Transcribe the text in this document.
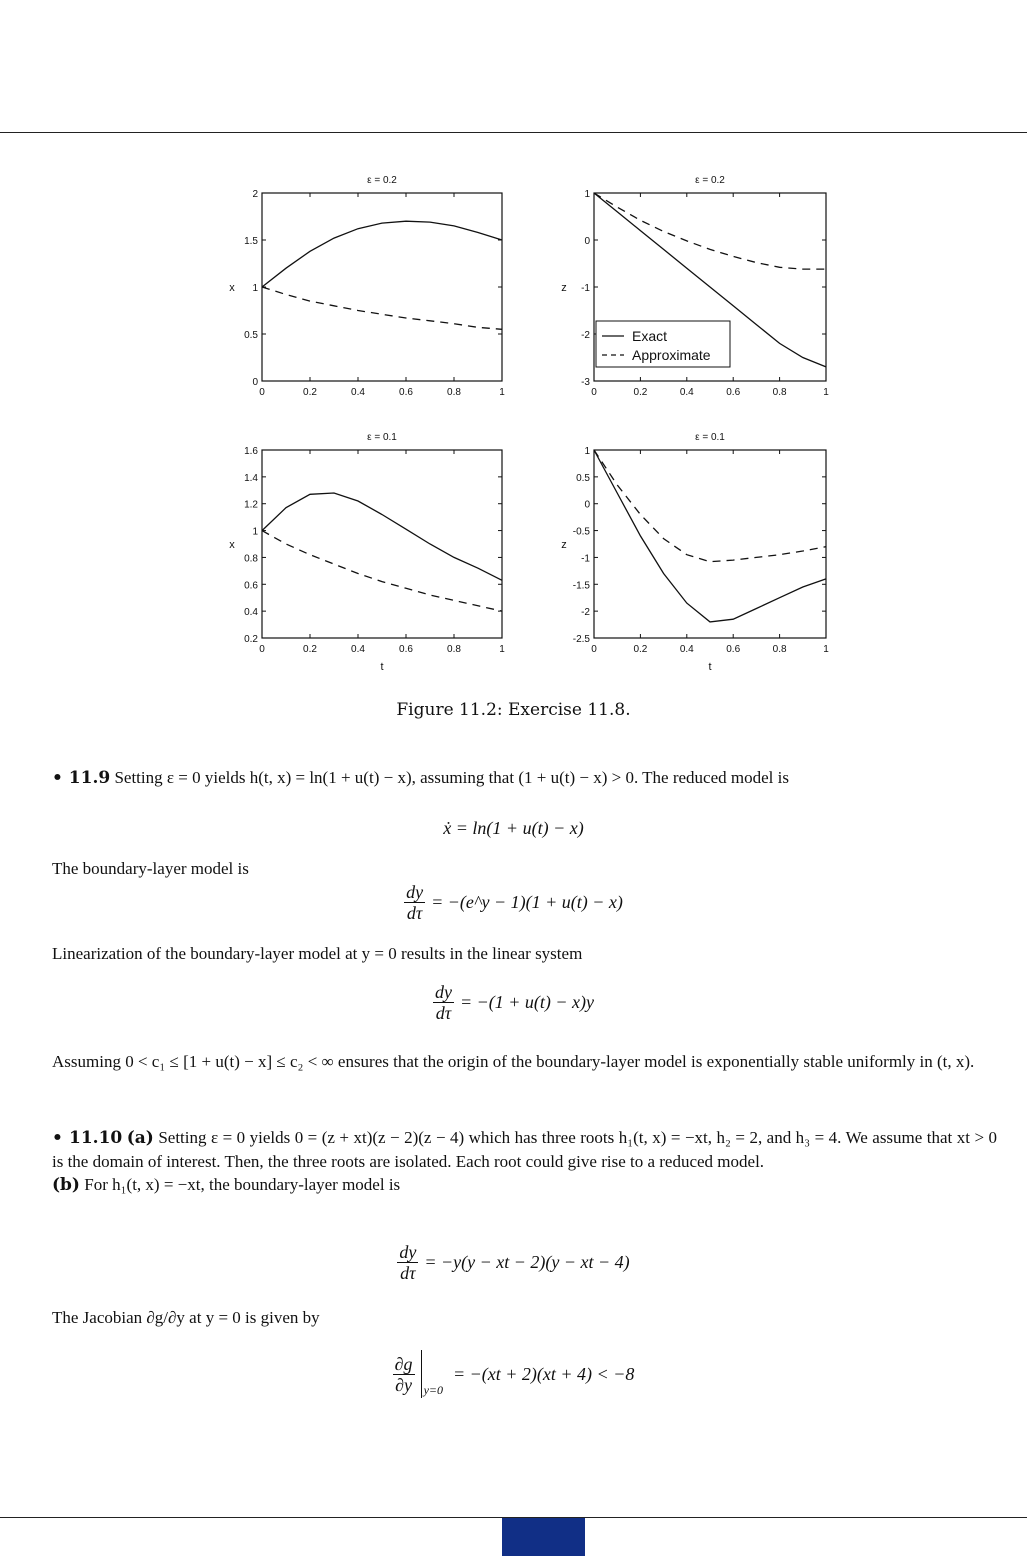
ε = 0.2
0
0.5
1
1.5
2
0	0.2	0.4	0.6	0.8	1
x
ε = 0.2
-3
-2
-1
0
1
0	0.2	0.4	0.6	0.8	1
z
Exact
Approximate
ε = 0.1
0.2
0.4
0.6
0.8
1
1.2
1.4
1.6
0	0.2	0.4	0.6	0.8	1
x
t
ε = 0.1
-2.5
-2
-1.5
-1
-0.5
0
0.5
1
0	0.2	0.4	0.6	0.8	1
z
t
Figure 11.2: Exercise 11.8.
• 11.9 Setting ε = 0 yields h(t, x) = ln(1 + u(t) − x), assuming that (1 + u(t) − x) > 0. The reduced model is
ẋ = ln(1 + u(t) − x)
The boundary-layer model is
$\frac{dy}{d\tau}$ = −(e^y − 1)(1 + u(t) − x)
Linearization of the boundary-layer model at y = 0 results in the linear system
$\frac{dy}{d\tau} = -(1 + u(t) - x)y$
Assuming 0 < c₁ ≤ [1 + u(t) − x] ≤ c₂ < ∞ ensures that the origin of the boundary-layer model is exponentially stable uniformly in (t, x).
• 11.10 (a) Setting ε = 0 yields 0 = (z + xt)(z − 2)(z − 4) which has three roots h₁(t, x) = −xt, h₂ = 2, and h₃ = 4. We assume that xt > 0 is the domain of interest. Then, the three roots are isolated. Each root could give rise to a reduced model.
(b) For h₁(t, x) = −xt, the boundary-layer model is
$\frac{dy}{d\tau} = -y(y$ − xt − 2)(y − xt − 4)
The Jacobian ∂g/∂y at y = 0 is given by
$\frac{\partial g}{\partial y} y=0$
= −(xt + 2)(xt + 4) < −8
